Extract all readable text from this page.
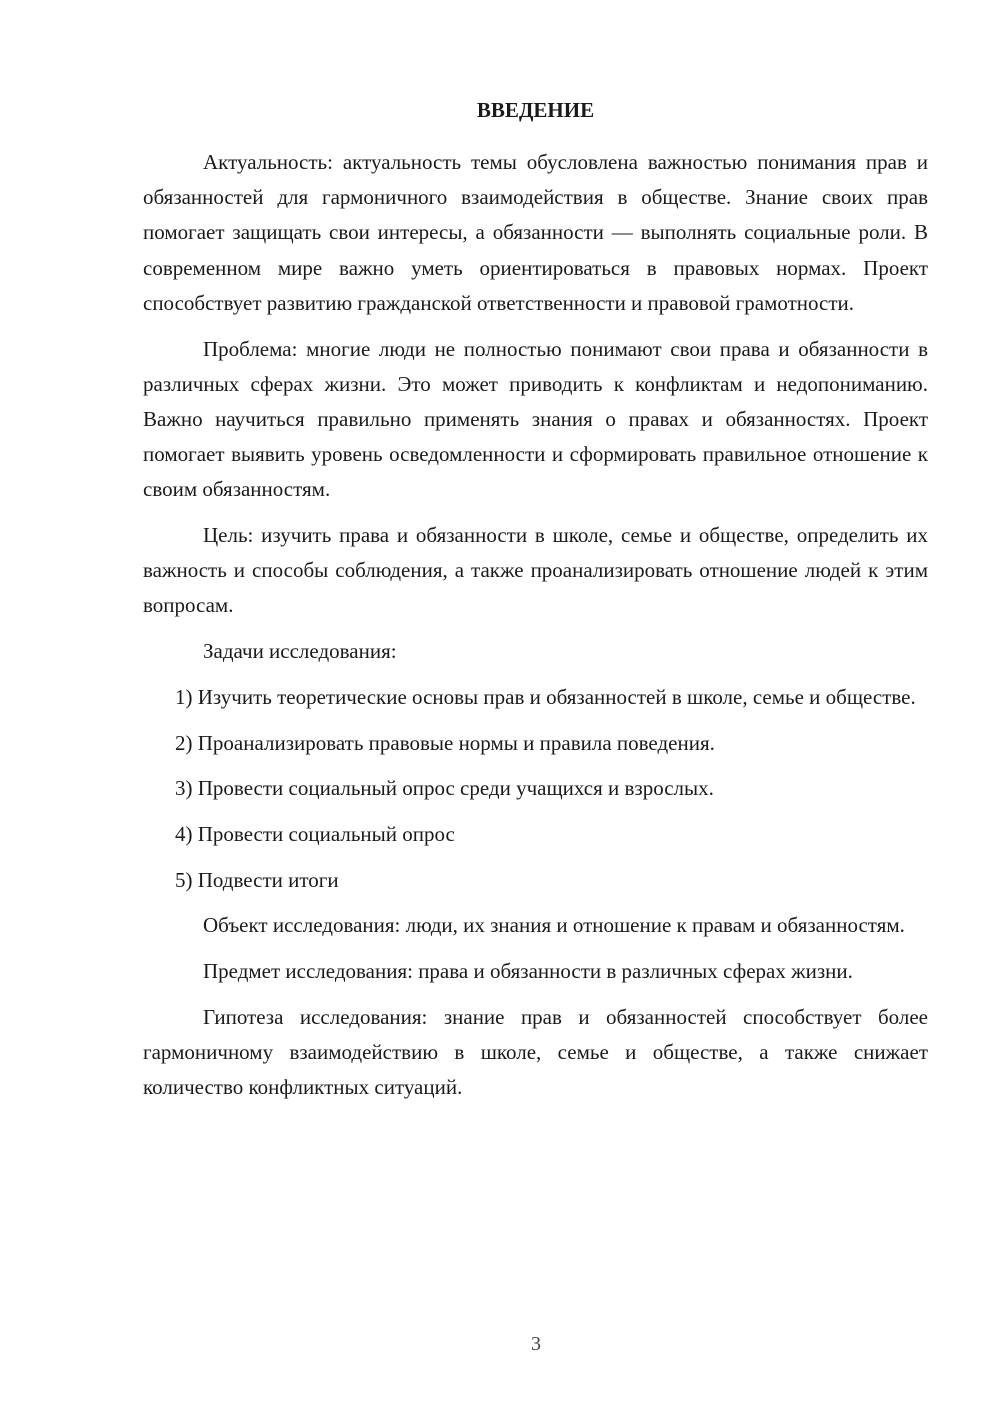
ВВЕДЕНИЕ

Актуальность: актуальность темы обусловлена важностью понимания прав и обязанностей для гармоничного взаимодействия в обществе. Знание своих прав помогает защищать свои интересы, а обязанности — выполнять социальные роли. В современном мире важно уметь ориентироваться в правовых нормах. Проект способствует развитию гражданской ответственности и правовой грамотности.

Проблема: многие люди не полностью понимают свои права и обязанности в различных сферах жизни. Это может приводить к конфликтам и недопониманию. Важно научиться правильно применять знания о правах и обязанностях. Проект помогает выявить уровень осведомленности и сформировать правильное отношение к своим обязанностям.

Цель: изучить права и обязанности в школе, семье и обществе, определить их важность и способы соблюдения, а также проанализировать отношение людей к этим вопросам.

Задачи исследования:

1) Изучить теоретические основы прав и обязанностей в школе, семье и обществе.

2) Проанализировать правовые нормы и правила поведения.

3) Провести социальный опрос среди учащихся и взрослых.

4) Провести социальный опрос

5) Подвести итоги

Объект исследования: люди, их знания и отношение к правам и обязанностям.

Предмет исследования: права и обязанности в различных сферах жизни.

Гипотеза исследования: знание прав и обязанностей способствует более гармоничному взаимодействию в школе, семье и обществе, а также снижает количество конфликтных ситуаций.

3
